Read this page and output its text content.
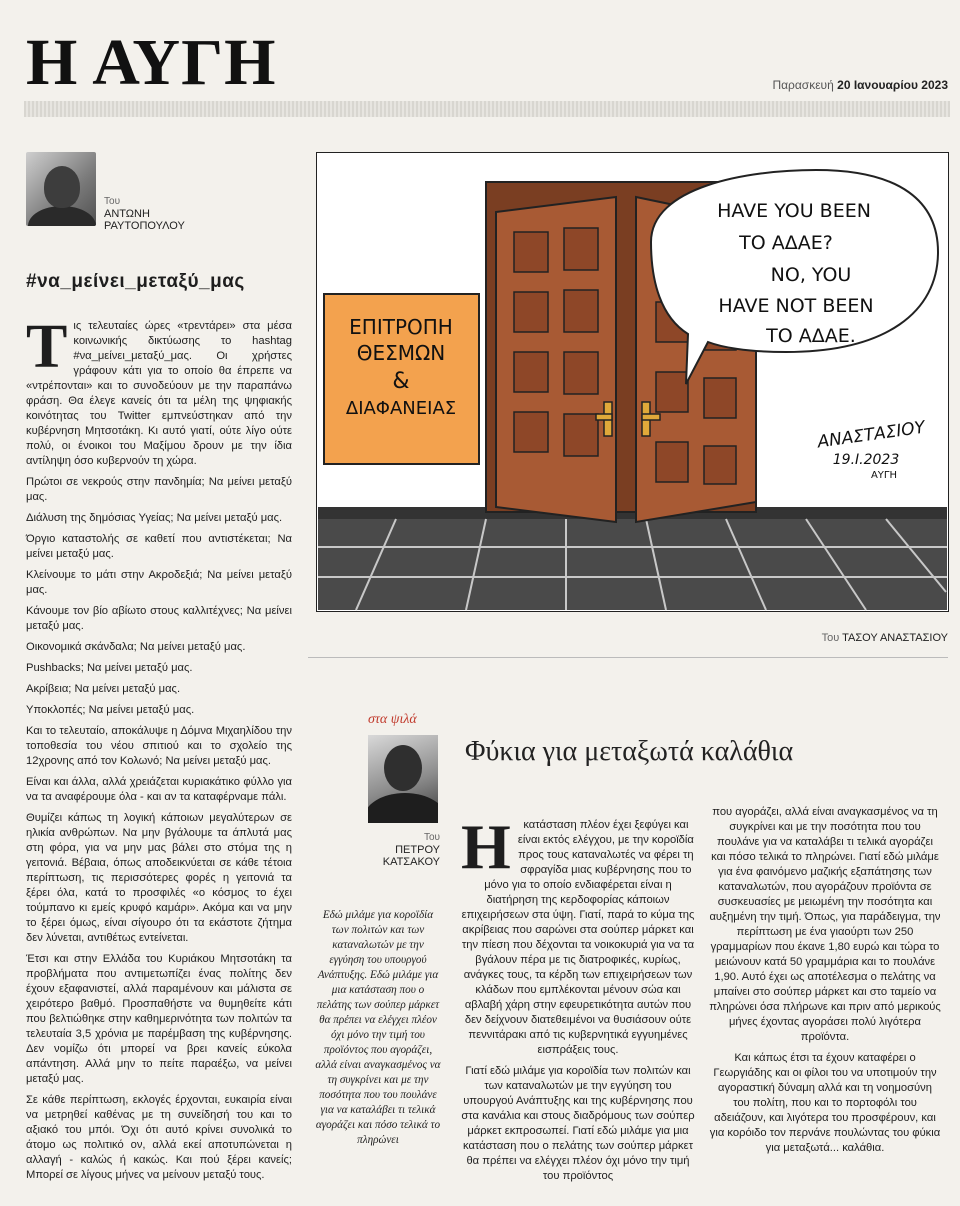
Η ΑΥΓΗ	Παρασκευή 20 Ιανουαρίου 2023
Του
ΑΝΤΩΝΗ
ΡΑΥΤΟΠΟΥΛΟΥ
#να_μείνει_μεταξύ_μας

Τις τελευταίες ώρες «τρεντάρει» στα μέσα κοινωνικής δικτύωσης το hashtag #να_μείνει_μεταξύ_μας. Οι χρήστες γράφουν κάτι για το οποίο θα έπρεπε να «ντρέπονται» και το συνοδεύουν με την παραπάνω φράση. Θα έλεγε κανείς ότι τα μέλη της ψηφιακής κοινότητας του Twitter εμπνεύστηκαν από την κυβέρνηση Μητσοτάκη. Κι αυτό γιατί, ούτε λίγο ούτε πολύ, οι ένοικοι του Μαξίμου δρουν με την ίδια αντίληψη όσο κυβερνούν τη χώρα.

Πρώτοι σε νεκρούς στην πανδημία; Να μείνει μεταξύ μας.

Διάλυση της δημόσιας Υγείας; Να μείνει μεταξύ μας.

Όργιο καταστολής σε καθετί που αντιστέκεται; Να μείνει μεταξύ μας.

Κλείνουμε το μάτι στην Ακροδεξιά; Να μείνει μεταξύ μας.

Κάνουμε τον βίο αβίωτο στους καλλιτέχνες; Να μείνει μεταξύ μας.

Οικονομικά σκάνδαλα; Να μείνει μεταξύ μας.

Pushbacks; Να μείνει μεταξύ μας.

Ακρίβεια; Να μείνει μεταξύ μας.

Υποκλοπές; Να μείνει μεταξύ μας.

Και το τελευταίο, αποκάλυψε η Δόμνα Μιχαηλίδου την τοποθεσία του νέου σπιτιού και το σχολείο της 12χρονης από τον Κολωνό; Να μείνει μεταξύ μας.

Είναι και άλλα, αλλά χρειάζεται κυριακάτικο φύλλο για να τα αναφέρουμε όλα - και αν τα καταφέρναμε πάλι.

Θυμίζει κάπως τη λογική κάποιων μεγαλύτερων σε ηλικία ανθρώπων. Να μην βγάλουμε τα άπλυτά μας στη φόρα, για να μην μας βάλει στο στόμα της η γειτονιά. Βέβαια, όπως αποδεικνύεται σε κάθε τέτοια περίπτωση, τις περισσότερες φορές η γειτονιά τα ξέρει όλα, κατά το προσφιλές «ο κόσμος το έχει τούμπανο κι εμείς κρυφό καμάρι». Ακόμα και να μην το ξέρει όμως, είναι σίγουρο ότι τα εκάστοτε ζήτημα δεν λύνεται, αντιθέτως εντείνεται.

Έτσι και στην Ελλάδα του Κυριάκου Μητσοτάκη τα προβλήματα που αντιμετωπίζει ένας πολίτης δεν έχουν εξαφανιστεί, αλλά παραμένουν και μάλιστα σε χειρότερο βαθμό. Προσπαθήστε να θυμηθείτε κάτι που βελτιώθηκε στην καθημερινότητα των πολιτών τα τελευταία 3,5 χρόνια με παρέμβαση της κυβέρνησης. Δεν νομίζω ότι μπορεί να βρει κανείς εύκολα απάντηση. Αλλά μην το πείτε παραέξω, να μείνει μεταξύ μας.

Σε κάθε περίπτωση, εκλογές έρχονται, ευκαιρία είναι να μετρηθεί καθένας με τη συνείδησή του και το αξιακό του μπόι. Όχι ότι αυτό κρίνει συνολικά το άτομο ως πολιτικό ον, αλλά εκεί αποτυπώνεται η αλλαγή - καλώς ή κακώς. Και πού ξέρει κανείς; Μπορεί σε λίγους μήνες να μείνουν μεταξύ τους.

ΕΠΙΤΡΟΠΗ
ΘΕΣΜΩΝ
&
ΔΙΑΦΑΝΕΙΑΣ
HAVE YOU BEEN
TO ΑΔΑΕ?
NO, YOU
HAVE NOT BEEN
TO ΑΔΑΕ.
ΑΝΑΣΤΑΣΙΟΥ
19.I.2023
ΑΥΓΗ
Του ΤΑΣΟΥ ΑΝΑΣΤΑΣΙΟΥ
στα ψιλά
Του
ΠΕΤΡΟΥ
ΚΑΤΣΑΚΟΥ
Φύκια για μεταξωτά καλάθια
Εδώ μιλάμε για κοροϊδία των πολιτών και των καταναλωτών με την εγγύηση του υπουργού Ανάπτυξης. Εδώ μιλάμε για μια κατάσταση που ο πελάτης των σούπερ μάρκετ θα πρέπει να ελέγχει πλέον όχι μόνο την τιμή του προϊόντος που αγοράζει, αλλά είναι αναγκασμένος να τη συγκρίνει και με την ποσότητα που του πουλάνε για να καταλάβει τι τελικά αγοράζει και πόσο τελικά το πληρώνει

Η κατάσταση πλέον έχει ξεφύγει και είναι εκτός ελέγχου, με την κοροϊδία προς τους καταναλωτές να φέρει τη σφραγίδα μιας κυβέρνησης που το μόνο για το οποίο ενδιαφέρεται είναι η διατήρηση της κερδοφορίας κάποιων επιχειρήσεων στα ύψη. Γιατί, παρά το κύμα της ακρίβειας που σαρώνει στα σούπερ μάρκετ και την πίεση που δέχονται τα νοικοκυριά για να τα βγάλουν πέρα με τις διατροφικές, κυρίως, ανάγκες τους, τα κέρδη των επιχειρήσεων των κλάδων που εμπλέκονται μένουν σώα και αβλαβή χάρη στην εφευρετικότητα αυτών που δεν δείχνουν διατεθειμένοι να θυσιάσουν ούτε πεννιτάρακι από τις κυβερνητικά εγγυημένες εισπράξεις τους.

Γιατί εδώ μιλάμε για κοροϊδία των πολιτών και των καταναλωτών με την εγγύηση του υπουργού Ανάπτυξης και της κυβέρνησης που στα κανάλια και στους διαδρόμους των σούπερ μάρκετ εκπροσωπεί. Γιατί εδώ μιλάμε για μια κατάσταση που ο πελάτης των σούπερ μάρκετ θα πρέπει να ελέγχει πλέον όχι μόνο την τιμή του προϊόντος

που αγοράζει, αλλά είναι αναγκασμένος να τη συγκρίνει και με την ποσότητα που του πουλάνε για να καταλάβει τι τελικά αγοράζει και πόσο τελικά το πληρώνει. Γιατί εδώ μιλάμε για ένα φαινόμενο μαζικής εξαπάτησης των καταναλωτών, που αγοράζουν προϊόντα σε συσκευασίες με μειωμένη την ποσότητα και αυξημένη την τιμή. Όπως, για παράδειγμα, την περίπτωση με ένα γιαούρτι των 250 γραμμαρίων που έκανε 1,80 ευρώ και τώρα το μειώνουν κατά 50 γραμμάρια και το πουλάνε 1,90. Αυτό έχει ως αποτέλεσμα ο πελάτης να μπαίνει στο σούπερ μάρκετ και στο ταμείο να πληρώνει όσα πλήρωνε και πριν από μερικούς μήνες έχοντας αγοράσει πολύ λιγότερα προϊόντα.

Και κάπως έτσι τα έχουν καταφέρει ο Γεωργιάδης και οι φίλοι του να υποτιμούν την αγοραστική δύναμη αλλά και τη νοημοσύνη του πολίτη, που και το πορτοφόλι του αδειάζουν, και λιγότερα του προσφέρουν, και για κορόιδο τον περνάνε πουλώντας του φύκια για μεταξωτά... καλάθια.
